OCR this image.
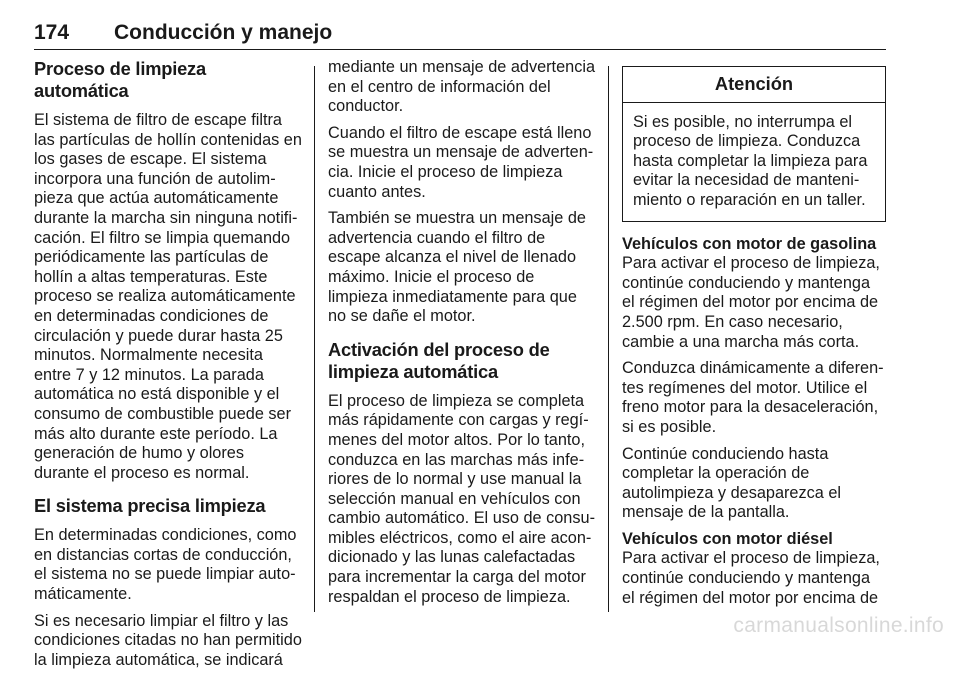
174	Conducción y manejo
Proceso de limpieza automática

El sistema de filtro de escape filtra las partículas de hollín contenidas en los gases de escape. El sistema incorpora una función de autolimpieza que actúa automáticamente durante la marcha sin ninguna notificación. El filtro se limpia quemando periódicamente las partículas de hollín a altas temperaturas. Este proceso se realiza automáticamente en determinadas condiciones de circulación y puede durar hasta 25 minutos. Normalmente necesita entre 7 y 12 minutos. La parada automática no está disponible y el consumo de combustible puede ser más alto durante este período. La generación de humo y olores durante el proceso es normal.

El sistema precisa limpieza

En determinadas condiciones, como en distancias cortas de conducción, el sistema no se puede limpiar automáticamente.

Si es necesario limpiar el filtro y las condiciones citadas no han permitido la limpieza automática, se indicará

mediante un mensaje de advertencia en el centro de información del conductor.

Cuando el filtro de escape está lleno se muestra un mensaje de advertencia. Inicie el proceso de limpieza cuanto antes.

También se muestra un mensaje de advertencia cuando el filtro de escape alcanza el nivel de llenado máximo. Inicie el proceso de limpieza inmediatamente para que no se dañe el motor.

Activación del proceso de limpieza automática

El proceso de limpieza se completa más rápidamente con cargas y regímenes del motor altos. Por lo tanto, conduzca en las marchas más inferiores de lo normal y use manual la selección manual en vehículos con cambio automático. El uso de consumibles eléctricos, como el aire acondicionado y las lunas calefactadas para incrementar la carga del motor respaldan el proceso de limpieza.

Atención
Si es posible, no interrumpa el proceso de limpieza. Conduzca hasta completar la limpieza para evitar la necesidad de mantenimiento o reparación en un taller.
Vehículos con motor de gasolina

Para activar el proceso de limpieza, continúe conduciendo y mantenga el régimen del motor por encima de 2.500 rpm. En caso necesario, cambie a una marcha más corta.

Conduzca dinámicamente a diferentes regímenes del motor. Utilice el freno motor para la desaceleración, si es posible.

Continúe conduciendo hasta completar la operación de autolimpieza y desaparezca el mensaje de la pantalla.

Vehículos con motor diésel

Para activar el proceso de limpieza, continúe conduciendo y mantenga el régimen del motor por encima de

carmanualsonline.info
